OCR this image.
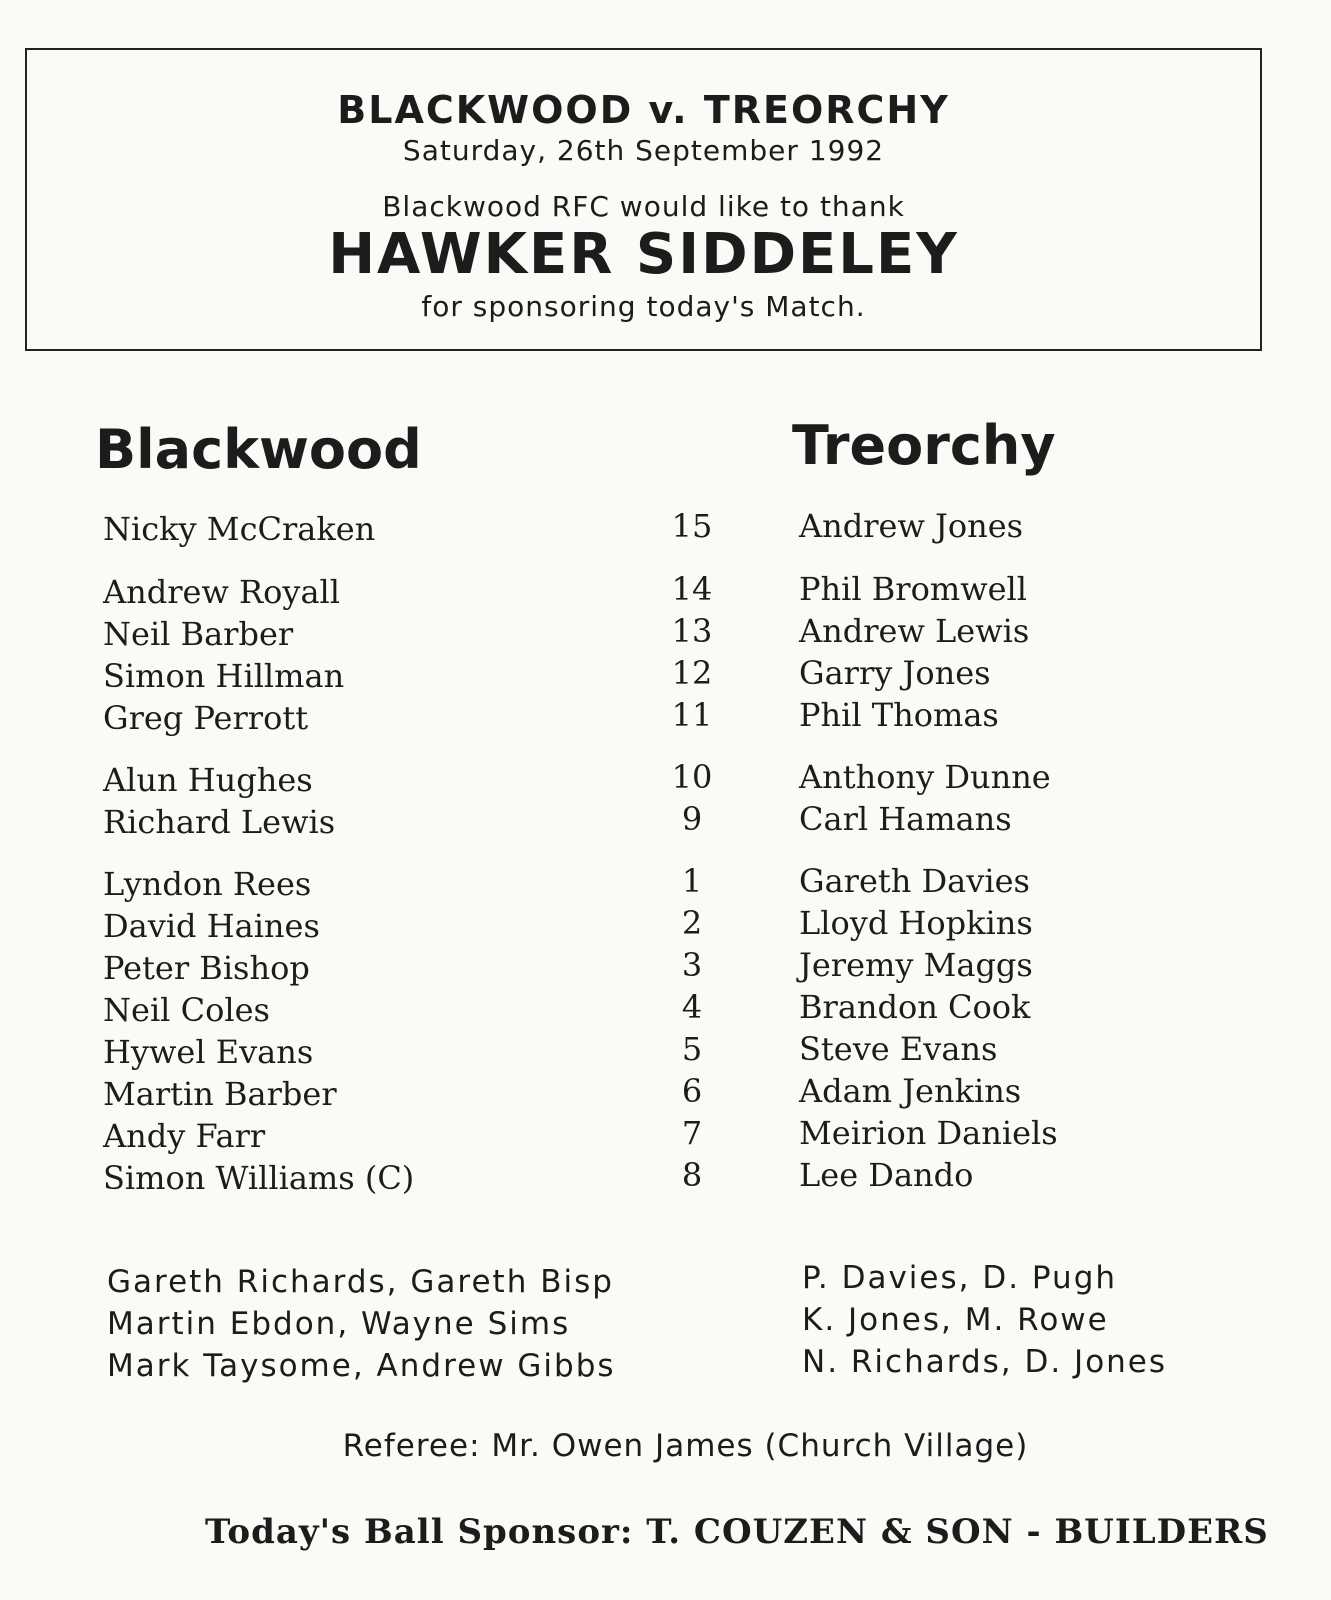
BLACKWOOD v. TREORCHY
Saturday, 26th September 1992
Blackwood RFC would like to thank
HAWKER SIDDELEY
for sponsoring today's Match.
Blackwood	Treorchy
Nicky McCraken	15	Andrew Jones
Andrew Royall	14	Phil Bromwell
Neil Barber	13	Andrew Lewis
Simon Hillman	12	Garry Jones
Greg Perrott	11	Phil Thomas
Alun Hughes	10	Anthony Dunne
Richard Lewis	9	Carl Hamans
Lyndon Rees	1	Gareth Davies
David Haines	2	Lloyd Hopkins
Peter Bishop	3	Jeremy Maggs
Neil Coles	4	Brandon Cook
Hywel Evans	5	Steve Evans
Martin Barber	6	Adam Jenkins
Andy Farr	7	Meirion Daniels
Simon Williams (C)	8	Lee Dando
Gareth Richards, Gareth Bisp
Martin Ebdon, Wayne Sims
Mark Taysome, Andrew Gibbs
P. Davies, D. Pugh
K. Jones, M. Rowe
N. Richards, D. Jones
Referee: Mr. Owen James (Church Village)
Today's Ball Sponsor: T. COUZEN & SON - BUILDERS
